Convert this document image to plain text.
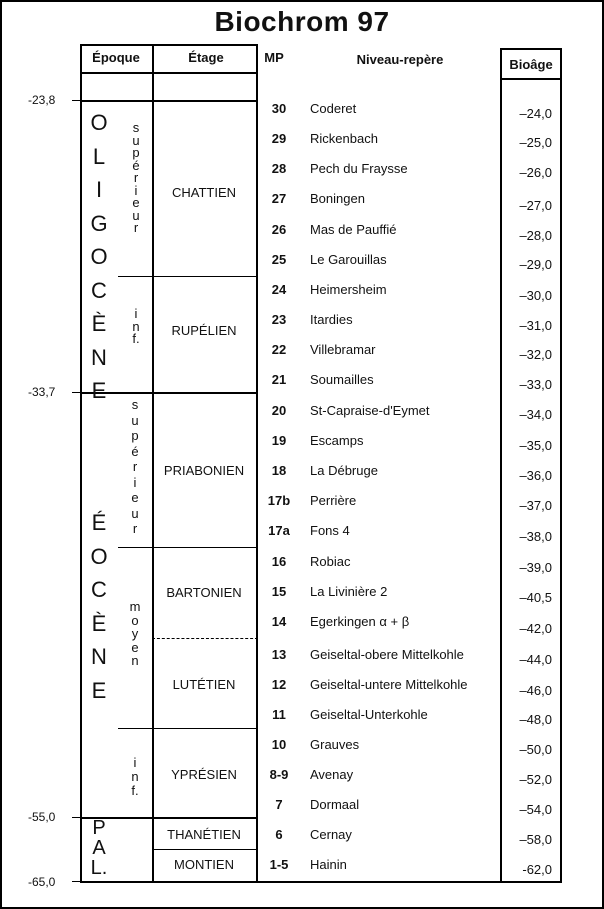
Biochrom 97
Époque	Étage	MP	Niveau-repère	Bioâge
-23,8
-33,7
-55,0
-65,0
O
L
I
G
O
C
È
N
E
É
O
C
È
N
E
P
A
L.
s
u
p
é
r
i
e
u
r
i
n
f.
s
u
p
é
r
i
e
u
r
m
o
y
e
n
i
n
f.
CHATTIEN
RUPÉLIEN
PRIABONIEN
BARTONIEN
LUTÉTIEN
YPRÉSIEN
THANÉTIEN
MONTIEN
30	Coderet	–24,0
29	Rickenbach	–25,0
28	Pech du Fraysse	–26,0
27	Boningen	–27,0
26	Mas de Pauffié	–28,0
25	Le Garouillas	–29,0
24	Heimersheim	–30,0
23	Itardies	–31,0
22	Villebramar	–32,0
21	Soumailles	–33,0
20	St-Capraise-d'Eymet	–34,0
19	Escamps	–35,0
18	La Débruge	–36,0
17b	Perrière	–37,0
17a	Fons 4	–38,0
16	Robiac	–39,0
15	La Livinière 2	–40,5
14	Egerkingen α + β	–42,0
13	Geiseltal-obere Mittelkohle	–44,0
12	Geiseltal-untere Mittelkohle	–46,0
11	Geiseltal-Unterkohle	–48,0
10	Grauves	–50,0
8-9	Avenay	–52,0
7	Dormaal	–54,0
6	Cernay	–58,0
1-5	Hainin	-62,0
